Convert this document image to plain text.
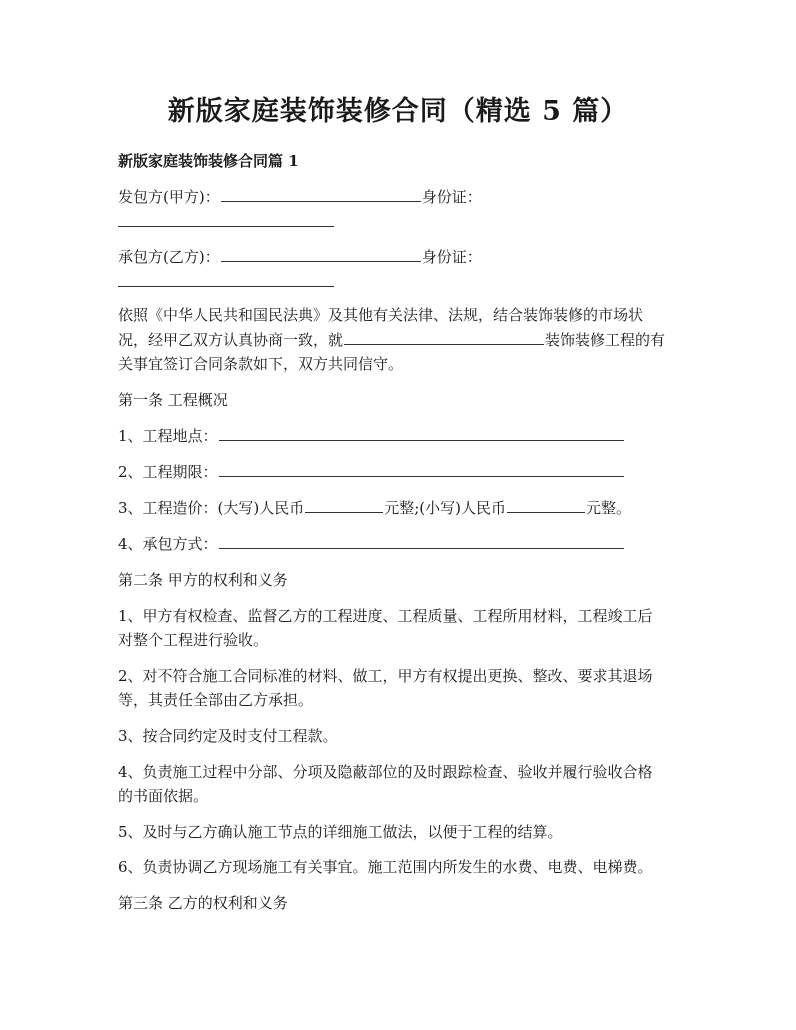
新版家庭装饰装修合同（精选 5 篇）
新版家庭装饰装修合同篇 1
发包方(甲方)：	身份证：
承包方(乙方)：	身份证：
依照《中华人民共和国民法典》及其他有关法律、法规，结合装饰装修的市场状
况，经甲乙双方认真协商一致，就	装饰装修工程的有
关事宜签订合同条款如下，双方共同信守。
第一条 工程概况
1、工程地点：
2、工程期限：
3、工程造价：(大写)人民币	元整;(小写)人民币	元整。
4、承包方式：
第二条 甲方的权利和义务
1、甲方有权检查、监督乙方的工程进度、工程质量、工程所用材料，工程竣工后
对整个工程进行验收。
2、对不符合施工合同标准的材料、做工，甲方有权提出更换、整改、要求其退场
等，其责任全部由乙方承担。
3、按合同约定及时支付工程款。
4、负责施工过程中分部、分项及隐蔽部位的及时跟踪检查、验收并履行验收合格
的书面依据。
5、及时与乙方确认施工节点的详细施工做法，以便于工程的结算。
6、负责协调乙方现场施工有关事宜。施工范围内所发生的水费、电费、电梯费。
第三条 乙方的权利和义务
